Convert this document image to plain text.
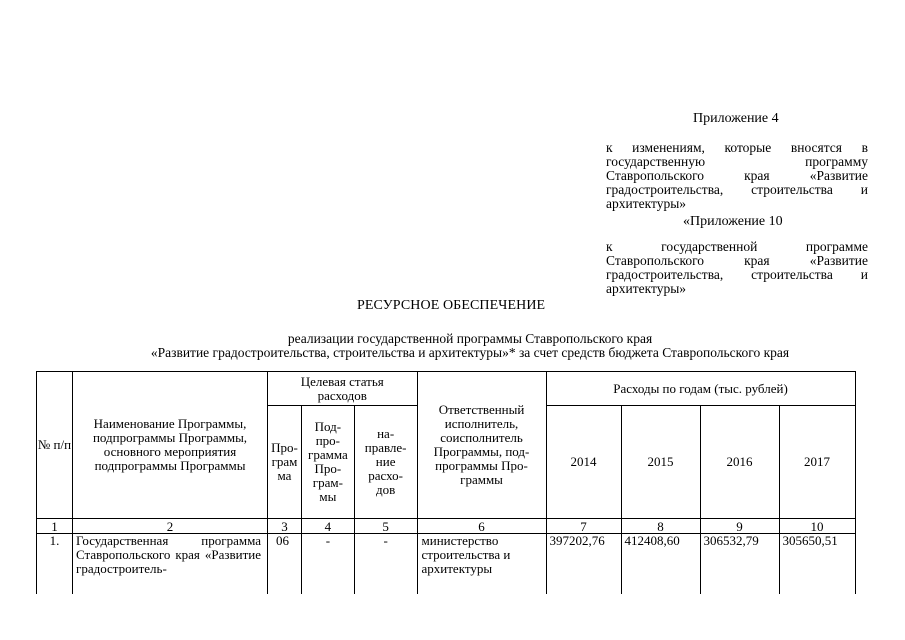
Приложение 4
к изменениям, которые вносятся в государственную программу Ставропольского края «Развитие градостроительства, строительства и архитектуры»
«Приложение 10
к государственной программе Ставропольского края «Развитие градостроительства, строительства и архитектуры»
РЕСУРСНОЕ ОБЕСПЕЧЕНИЕ
реализации государственной программы Ставропольского края
«Развитие градостроительства, строительства и архитектуры»* за счет средств бюджета Ставропольского края
№ п/п	Наименование Программы, подпрограммы Программы, основного мероприятия подпрограммы Программы	Целевая статья расходов			Ответственный исполнитель, соисполнитель Программы, под-программы Про-граммы	Расходы по годам (тыс. рублей)			
		Про-грам ма	Под-про-грамма Про-грам-мы	на-правле-ние расхо-дов		2014	2015	2016	2017
1	2	3	4	5	6	7	8	9	10
1.	Государственная программа Ставропольского края «Развитие градостроитель-	06	-	-	министерство строительства и архитектуры	397202,76	412408,60	306532,79	305650,51
